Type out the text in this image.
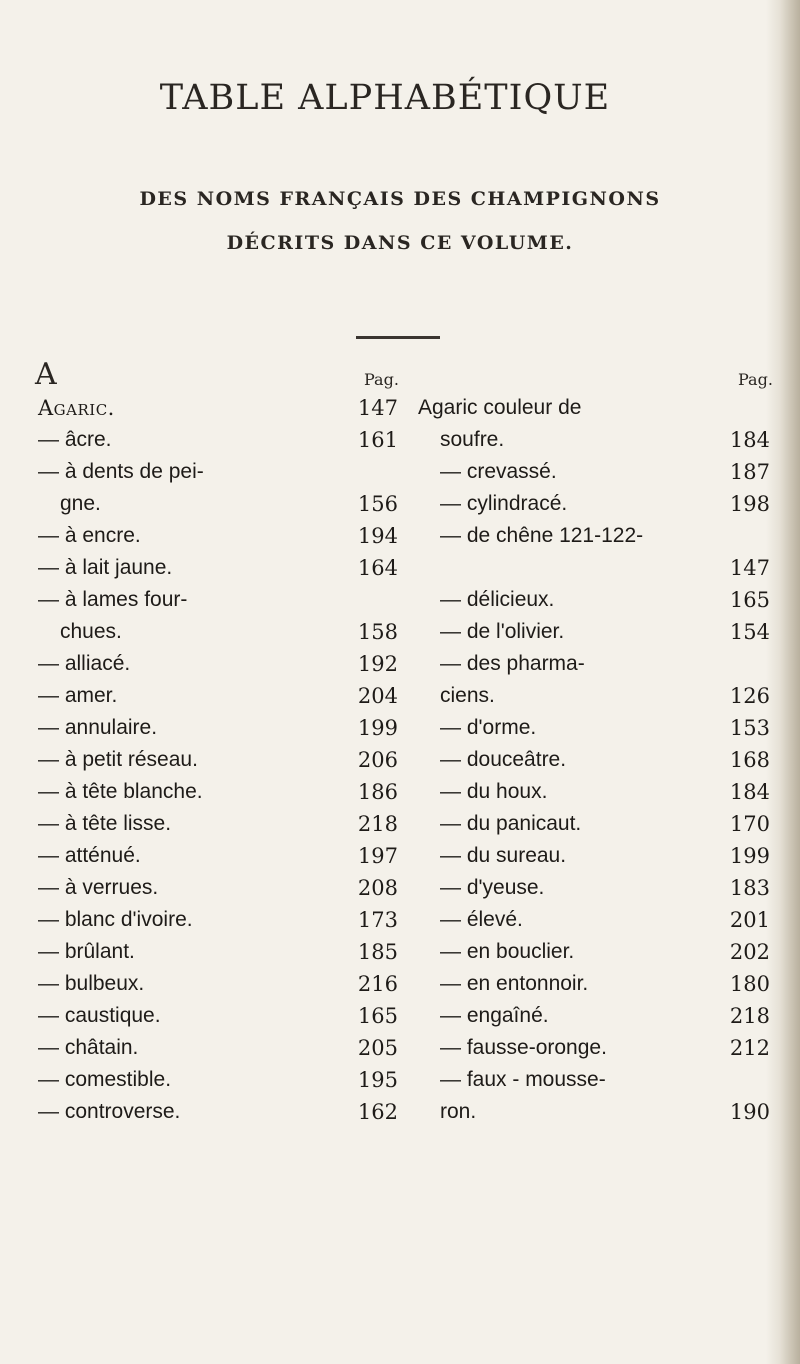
TABLE ALPHABÉTIQUE
DES NOMS FRANÇAIS DES CHAMPIGNONS
DÉCRITS DANS CE VOLUME.
A	Pag.	Pag.
Agaric.	147
— âcre.	161
— à dents de pei-
gne.	156
— à encre.	194
— à lait jaune.	164
— à lames four-
chues.	158
— alliacé.	192
— amer.	204
— annulaire.	199
— à petit réseau.	206
— à tête blanche.	186
— à tête lisse.	218
— atténué.	197
— à verrues.	208
— blanc d'ivoire.	173
— brûlant.	185
— bulbeux.	216
— caustique.	165
— châtain.	205
— comestible.	195
— controverse.	162
Agaric couleur de
soufre.	184
— crevassé.	187
— cylindracé.	198
— de chêne 121-122-
147
— délicieux.	165
— de l'olivier.	154
— des pharma-
ciens.	126
— d'orme.	153
— douceâtre.	168
— du houx.	184
— du panicaut.	170
— du sureau.	199
— d'yeuse.	183
— élevé.	201
— en bouclier.	202
— en entonnoir.	180
— engaîné.	218
— fausse-oronge.	212
— faux - mousse-
ron.	190
